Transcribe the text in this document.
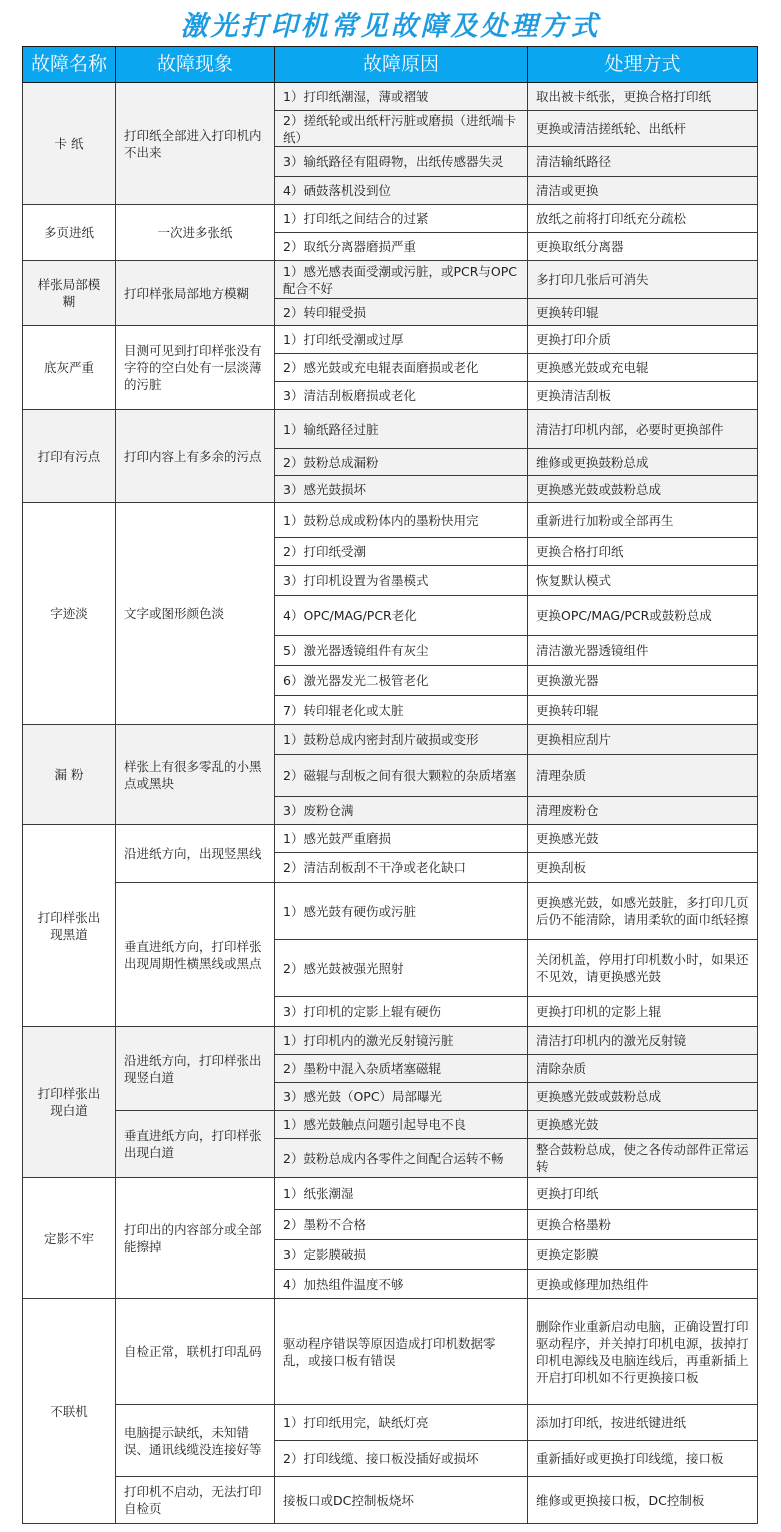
激光打印机常见故障及处理方式
故障名称	故障现象	故障原因	处理方式
卡 纸	打印纸全部进入打印机内不出来	1）打印纸潮湿，薄或褶皱	取出被卡纸张，更换合格打印纸
		2）搓纸轮或出纸杆污脏或磨损（进纸端卡纸）	更换或清洁搓纸轮、出纸杆
		3）输纸路径有阻碍物，出纸传感器失灵	清洁输纸路径
		4）硒鼓落机没到位	清洁或更换
多页进纸	一次进多张纸	1）打印纸之间结合的过紧	放纸之前将打印纸充分疏松
		2）取纸分离器磨损严重	更换取纸分离器
样张局部模糊	打印样张局部地方模糊	1）感光感表面受潮或污脏，或PCR与OPC配合不好	多打印几张后可消失
		2）转印辊受损	更换转印辊
底灰严重	目测可见到打印样张没有字符的空白处有一层淡薄的污脏	1）打印纸受潮或过厚	更换打印介质
		2）感光鼓或充电辊表面磨损或老化	更换感光鼓或充电辊
		3）清洁刮板磨损或老化	更换清洁刮板
打印有污点	打印内容上有多余的污点	1）输纸路径过脏	清洁打印机内部，必要时更换部件
		2）鼓粉总成漏粉	维修或更换鼓粉总成
		3）感光鼓损坏	更换感光鼓或鼓粉总成
字迹淡	文字或图形颜色淡	1）鼓粉总成或粉体内的墨粉快用完	重新进行加粉或全部再生
		2）打印纸受潮	更换合格打印纸
		3）打印机设置为省墨模式	恢复默认模式
		4）OPC/MAG/PCR老化	更换OPC/MAG/PCR或鼓粉总成
		5）激光器透镜组件有灰尘	清洁激光器透镜组件
		6）激光器发光二极管老化	更换激光器
		7）转印辊老化或太脏	更换转印辊
漏 粉	样张上有很多零乱的小黑点或黑块	1）鼓粉总成内密封刮片破损或变形	更换相应刮片
		2）磁辊与刮板之间有很大颗粒的杂质堵塞	清理杂质
		3）废粉仓满	清理废粉仓
打印样张出现黑道	沿进纸方向，出现竖黑线	1）感光鼓严重磨损	更换感光鼓
		2）清洁刮板刮不干净或老化缺口	更换刮板
	垂直进纸方向，打印样张出现周期性横黑线或黑点	1）感光鼓有硬伤或污脏	更换感光鼓，如感光鼓脏，多打印几页后仍不能清除，请用柔软的面巾纸轻擦
		2）感光鼓被强光照射	关闭机盖，停用打印机数小时，如果还不见效，请更换感光鼓
		3）打印机的定影上辊有硬伤	更换打印机的定影上辊
打印样张出现白道	沿进纸方向，打印样张出现竖白道	1）打印机内的激光反射镜污脏	清洁打印机内的激光反射镜
		2）墨粉中混入杂质堵塞磁辊	清除杂质
		3）感光鼓（OPC）局部曝光	更换感光鼓或鼓粉总成
	垂直进纸方向，打印样张出现白道	1）感光鼓触点问题引起导电不良	更换感光鼓
		2）鼓粉总成内各零件之间配合运转不畅	整合鼓粉总成，使之各传动部件正常运转
定影不牢	打印出的内容部分或全部能擦掉	1）纸张潮湿	更换打印纸
		2）墨粉不合格	更换合格墨粉
		3）定影膜破损	更换定影膜
		4）加热组件温度不够	更换或修理加热组件
不联机	自检正常，联机打印乱码	驱动程序错误等原因造成打印机数据零乱，或接口板有错误	删除作业重新启动电脑，正确设置打印驱动程序，并关掉打印机电源，拔掉打印机电源线及电脑连线后，再重新插上开启打印机如不行更换接口板
	电脑提示缺纸，未知错误、通讯线缆没连接好等	1）打印纸用完，缺纸灯亮	添加打印纸，按进纸键进纸
		2）打印线缆、接口板没插好或损坏	重新插好或更换打印线缆，接口板
	打印机不启动，无法打印自检页	接板口或DC控制板烧坏	维修或更换接口板，DC控制板
